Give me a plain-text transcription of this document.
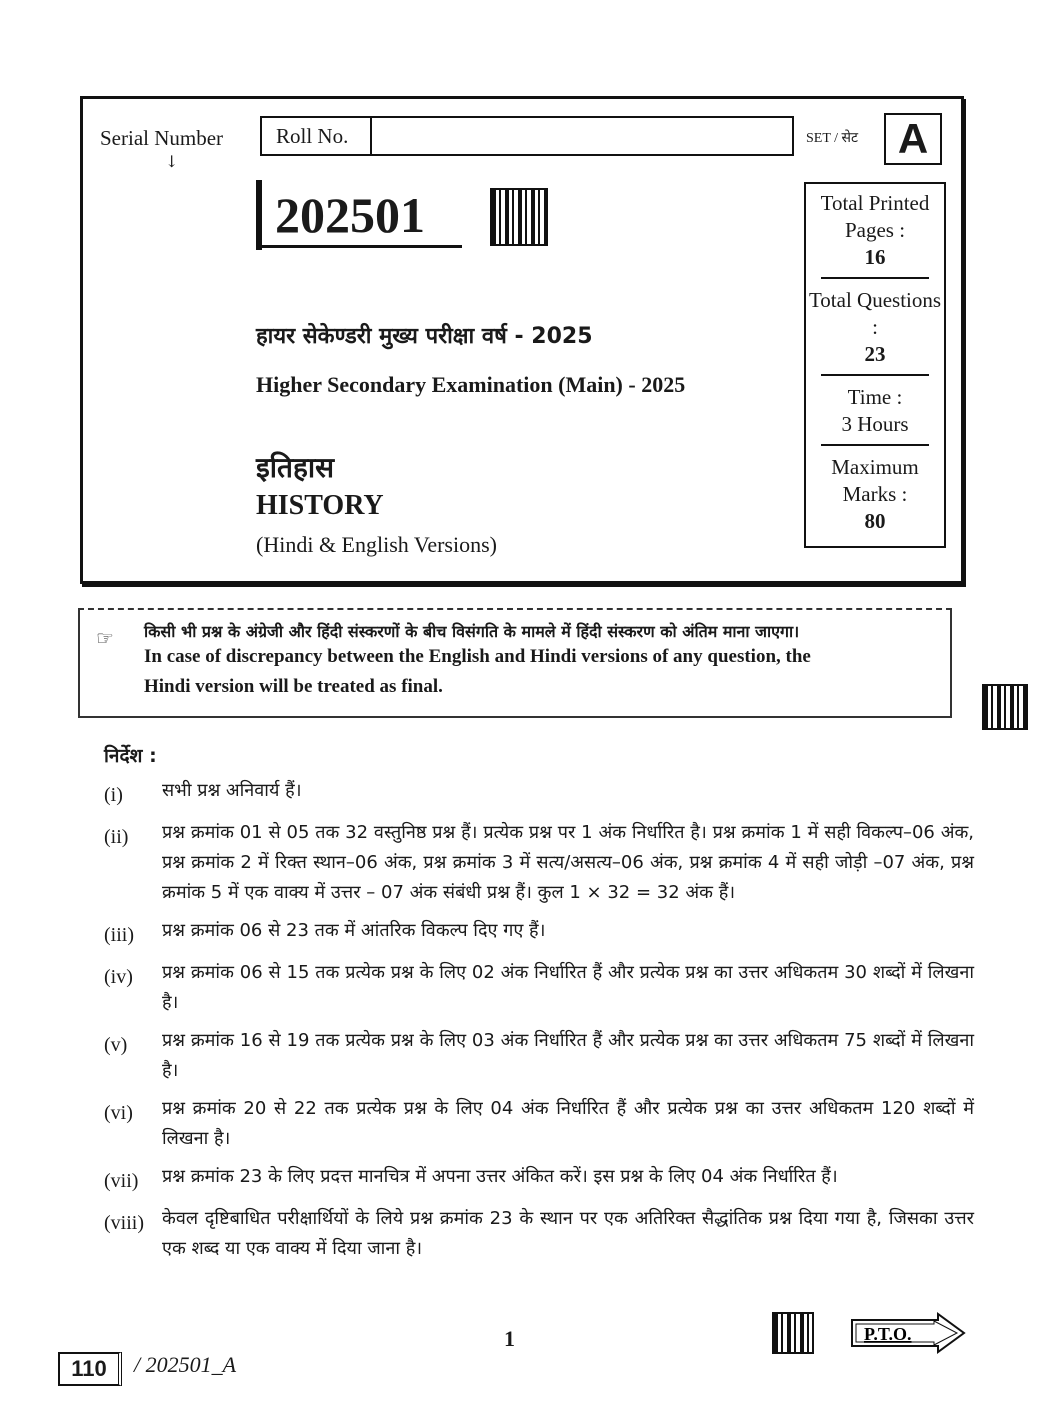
Serial Number
↓
Roll No.	SET / सेट A
202501
हायर सेकेण्डरी मुख्य परीक्षा वर्ष - 2025
Higher Secondary Examination (Main) - 2025
इतिहास
HISTORY
(Hindi & English Versions)
Total Printed Pages :
16
Total Questions :
23
Time :
3 Hours
Maximum Marks :
80
☞ किसी भी प्रश्न के अंग्रेजी और हिंदी संस्करणों के बीच विसंगति के मामले में हिंदी संस्करण को अंतिम माना जाएगा।
In case of discrepancy between the English and Hindi versions of any question, the
Hindi version will be treated as final.
निर्देश :
(i)	सभी प्रश्न अनिवार्य हैं।
(ii)	प्रश्न क्रमांक 01 से 05 तक 32 वस्तुनिष्ठ प्रश्न हैं। प्रत्येक प्रश्न पर 1 अंक निर्धारित है। प्रश्न क्रमांक 1 में सही विकल्प–06 अंक, प्रश्न क्रमांक 2 में रिक्त स्थान–06 अंक, प्रश्न क्रमांक 3 में सत्य/असत्य–06 अंक, प्रश्न क्रमांक 4 में सही जोड़ी –07 अंक, प्रश्न क्रमांक 5 में एक वाक्य में उत्तर – 07 अंक संबंधी प्रश्न हैं। कुल 1 × 32 = 32 अंक हैं।
(iii)	प्रश्न क्रमांक 06 से 23 तक में आंतरिक विकल्प दिए गए हैं।
(iv)	प्रश्न क्रमांक 06 से 15 तक प्रत्येक प्रश्न के लिए 02 अंक निर्धारित हैं और प्रत्येक प्रश्न का उत्तर अधिकतम 30 शब्दों में लिखना है।
(v)	प्रश्न क्रमांक 16 से 19 तक प्रत्येक प्रश्न के लिए 03 अंक निर्धारित हैं और प्रत्येक प्रश्न का उत्तर अधिकतम 75 शब्दों में लिखना है।
(vi)	प्रश्न क्रमांक 20 से 22 तक प्रत्येक प्रश्न के लिए 04 अंक निर्धारित हैं और प्रत्येक प्रश्न का उत्तर अधिकतम 120 शब्दों में लिखना है।
(vii)	प्रश्न क्रमांक 23 के लिए प्रदत्त मानचित्र में अपना उत्तर अंकित करें। इस प्रश्न के लिए 04 अंक निर्धारित हैं।
(viii)	केवल दृष्टिबाधित परीक्षार्थियों के लिये प्रश्न क्रमांक 23 के स्थान पर एक अतिरिक्त सैद्धांतिक प्रश्न दिया गया है, जिसका उत्तर एक शब्द या एक वाक्य में दिया जाना है।
110	/ 202501_A
1	P.T.O.
